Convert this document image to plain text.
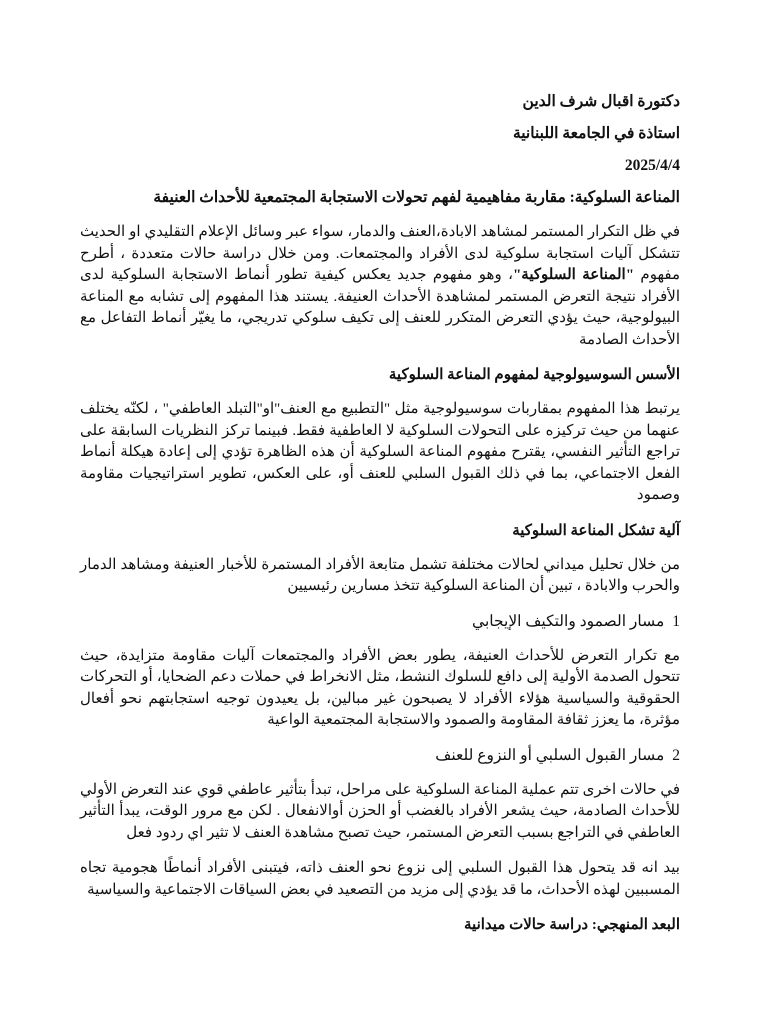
دكتورة اقبال شرف الدين
استاذة في الجامعة اللبنانية
2025/4/4
المناعة السلوكية: مقاربة مفاهيمية لفهم تحولات الاستجابة المجتمعية للأحداث العنيفة

في ظل التكرار المستمر لمشاهد الابادة،العنف والدمار، سواء عبر وسائل الإعلام التقليدي او الحديث تتشكل آليات استجابة سلوكية لدى الأفراد والمجتمعات. ومن خلال دراسة حالات متعددة ، أطرح مفهوم "المناعة السلوكية"، وهو مفهوم جديد يعكس كيفية تطور أنماط الاستجابة السلوكية لدى الأفراد نتيجة التعرض المستمر لمشاهدة الأحداث العنيفة. يستند هذا المفهوم إلى تشابه مع المناعة البيولوجية، حيث يؤدي التعرض المتكرر للعنف إلى تكيف سلوكي تدريجي، ما يغيّر أنماط التفاعل مع الأحداث الصادمة

الأسس السوسيولوجية لمفهوم المناعة السلوكية

يرتبط هذا المفهوم بمقاربات سوسيولوجية مثل "التطبيع مع العنف"او"التبلد العاطفي" ، لكنّه يختلف عنهما من حيث تركيزه على التحولات السلوكية لا العاطفية فقط. فبينما تركز النظريات السابقة على تراجع التأثير النفسي، يقترح مفهوم المناعة السلوكية أن هذه الظاهرة تؤدي إلى إعادة هيكلة أنماط الفعل الاجتماعي، بما في ذلك القبول السلبي للعنف أو، على العكس، تطوير استراتيجيات مقاومة وصمود

آلية تشكل المناعة السلوكية

من خلال تحليل ميداني لحالات مختلفة تشمل متابعة الأفراد المستمرة للأخبار العنيفة ومشاهد الدمار والحرب والابادة ، تبين أن المناعة السلوكية تتخذ مسارين رئيسيين

1مسار الصمود والتكيف الإيجابي

مع تكرار التعرض للأحداث العنيفة، يطور بعض الأفراد والمجتمعات آليات مقاومة متزايدة، حيث تتحول الصدمة الأولية إلى دافع للسلوك النشط، مثل الانخراط في حملات دعم الضحايا، أو التحركات الحقوقية والسياسية هؤلاء الأفراد لا يصبحون غير مبالين، بل يعيدون توجيه استجابتهم نحو أفعال مؤثرة، ما يعزز ثقافة المقاومة والصمود والاستجابة المجتمعية الواعية

2مسار القبول السلبي أو النزوع للعنف

في حالات اخرى تتم عملية المناعة السلوكية على مراحل، تبدأ بتأثير عاطفي قوي عند التعرض الأولي للأحداث الصادمة، حيث يشعر الأفراد بالغضب أو الحزن أوالانفعال . لكن مع مرور الوقت، يبدأ التأثير العاطفي في التراجع بسبب التعرض المستمر، حيث تصبح مشاهدة العنف لا تثير اي ردود فعل

بيد انه قد يتحول هذا القبول السلبي إلى نزوع نحو العنف ذاته، فيتبنى الأفراد أنماطًا هجومية تجاه المسببين لهذه الأحداث، ما قد يؤدي إلى مزيد من التصعيد في بعض السياقات الاجتماعية والسياسية

البعد المنهجي: دراسة حالات ميدانية
